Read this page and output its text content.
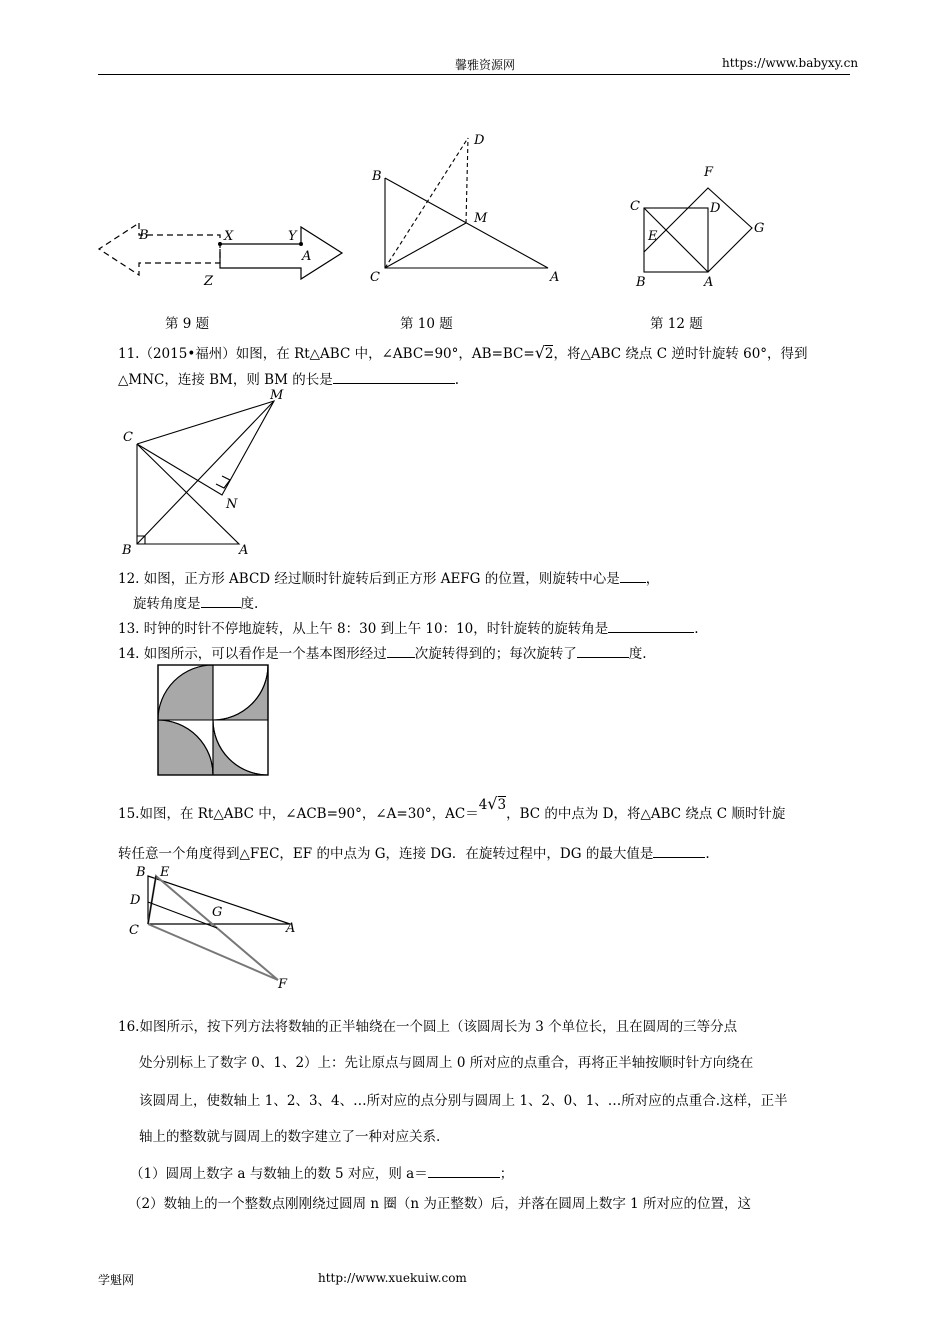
馨雅资源网	https://www.babyxy.cn
B	X	Y
A
Z
第 9 题
D
B
M
C	A
第 10 题
F
C	D
G
E
B	A
第 12 题
11.（2015•福州）如图，在 Rt△ABC 中，∠ABC=90°，AB=BC=√2，将△ABC 绕点 C 逆时针旋转 60°，得到
△MNC，连接 BM，则 BM 的长是	.
M
C
N
B	A
12. 如图，正方形 ABCD 经过顺时针旋转后到正方形 AEFG 的位置，则旋转中心是 ，
旋转角度是	度.
13. 时钟的时针不停地旋转，从上午 8：30 到上午 10：10，时针旋转的旋转角是	.
14. 如图所示，可以看作是一个基本图形经过 次旋转得到的；每次旋转了	度.
15.如图，在 Rt△ABC 中，∠ACB=90°，∠A=30°，AC＝4√3，BC 的中点为 D，将△ABC 绕点 C 顺时针旋
转任意一个角度得到△FEC，EF 的中点为 G，连接 DG．在旋转过程中，DG 的最大值是	.
B E
D
G
A
C
F
16.如图所示，按下列方法将数轴的正半轴绕在一个圆上（该圆周长为 3 个单位长，且在圆周的三等分点
处分别标上了数字 0、1、2）上：先让原点与圆周上 0 所对应的点重合，再将正半轴按顺时针方向绕在
该圆周上，使数轴上 1、2、3、4、…所对应的点分别与圆周上 1、2、0、1、…所对应的点重合.这样，正半
轴上的整数就与圆周上的数字建立了一种对应关系.
（1）圆周上数字 a 与数轴上的数 5 对应，则 a＝	；
（2）数轴上的一个整数点刚刚绕过圆周 n 圈（n 为正整数）后，并落在圆周上数字 1 所对应的位置，这
学魁网	http://www.xuekuiw.com
